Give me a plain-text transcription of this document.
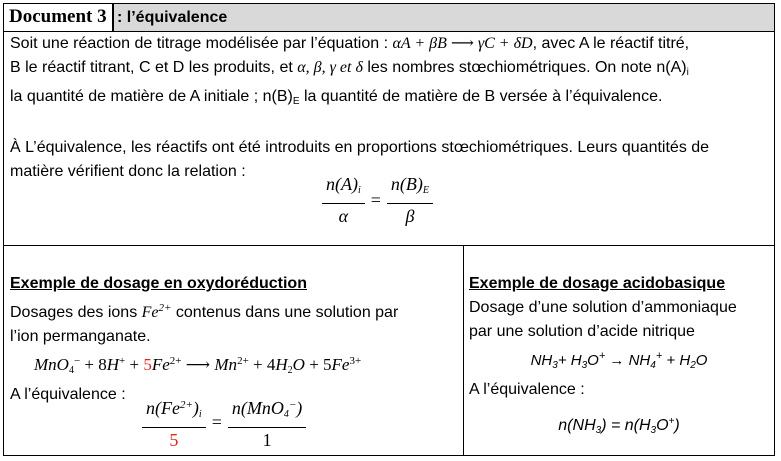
Document 3 : l’équivalence

Soit une réaction de titrage modélisée par l’équation : αA + βB ⟶ γC + δD, avec A le réactif titré,

B le réactif titrant, C et D les produits, et α, β, γ et δ les nombres stœchiométriques. On note $n(A)_i$

la quantité de matière de A initiale ; $n(B)_E$ la quantité de matière de B versée à l’équivalence.

À L’équivalence, les réactifs ont été introduits en proportions stœchiométriques. Leurs quantités de

matière vérifient donc la relation :

$\frac{n(A)_i}{\alpha} = \frac{n(B)_E}{\beta}$

Exemple de dosage en oxydoréduction

Dosages des ions $Fe^{2+}$ contenus dans une solution par

l’ion permanganate.

$MnO_4^- + 8H^+ + 5Fe^{2+}$ ⟶ $Mn^{2+} + 4H_2O + 5Fe^{3+}$

A l’équivalence : $\frac{n(Fe^{2+})_i}{5} = \frac{n(MnO_4^-)}{1}$

Exemple de dosage acidobasique

Dosage d’une solution d’ammoniaque

par une solution d’acide nitrique

$NH_3+ H_3O^+ \to NH_4^+ + H_2O$

A l’équivalence :

n(NH3) = n(H3O+)
